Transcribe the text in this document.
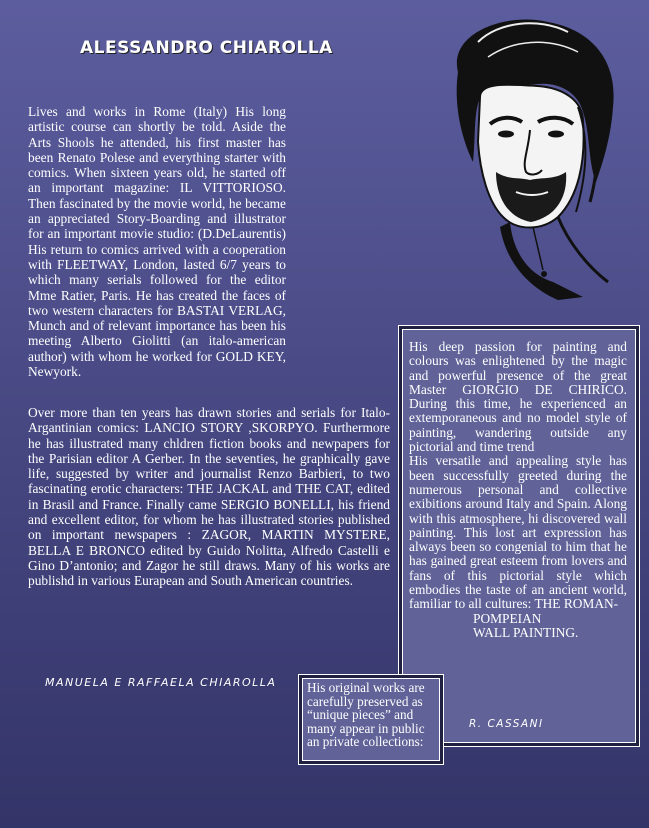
ALESSANDRO CHIAROLLA

Lives and works in Rome (Italy) His long artistic course can shortly be told. Aside the Arts Shools he attended, his first master has been Renato Polese and everything starter with comics. When sixteen years old, he started off an important magazine: IL VITTORIOSO. Then fascinated by the movie world, he became an appreciated Story-Boarding and illustrator for an important movie studio: (D.DeLaurentis) His return to comics arrived with a cooperation with FLEETWAY, London, lasted 6/7 years to which many serials followed for the editor Mme Ratier, Paris. He has created the faces of two western characters for BASTAI VERLAG, Munch and of relevant importance has been his meeting Alberto Giolitti (an italo-american author) with whom he worked for GOLD KEY, Newyork.

Over more than ten years has drawn stories and serials for Italo-Argantinian comics: LANCIO STORY ,SKORPYO. Furthermore he has illustrated many chldren fiction books and newpapers for the Parisian editor A Gerber. In the seventies, he graphically gave life, suggested by writer and journalist Renzo Barbieri, to two fascinating erotic characters: THE JACKAL and THE CAT, edited in Brasil and France. Finally came SERGIO BONELLI, his friend and excellent editor, for whom he has illustrated stories published on important newspapers : ZAGOR, MARTIN MYSTERE, BELLA E BRONCO edited by Guido Nolitta, Alfredo Castelli e Gino D’antonio; and Zagor he still draws. Many of his works are publishd in various Eurapean and South American countries.

MANUELA E RAFFAELA CHIAROLLA

His deep passion for painting and colours was enlightened by the magic and powerful presence of the great Master GIORGIO DE CHIRICO. During this time, he experienced an extemporaneous and no model style of painting, wandering outside any pictorial and time trend
His versatile and appealing style has been successfully greeted during the numerous personal and collective exibitions around Italy and Spain. Along with this atmosphere, hi discovered wall painting. This lost art expression has always been so congenial to him that he has gained great esteem from lovers and fans of this pictorial style which embodies the taste of an ancient world, familiar to all cultures: THE ROMAN-

POMPEIAN
WALL PAINTING.

R. CASSANI

His original works are carefully preserved as “unique pieces” and many appear in public an private collections:
